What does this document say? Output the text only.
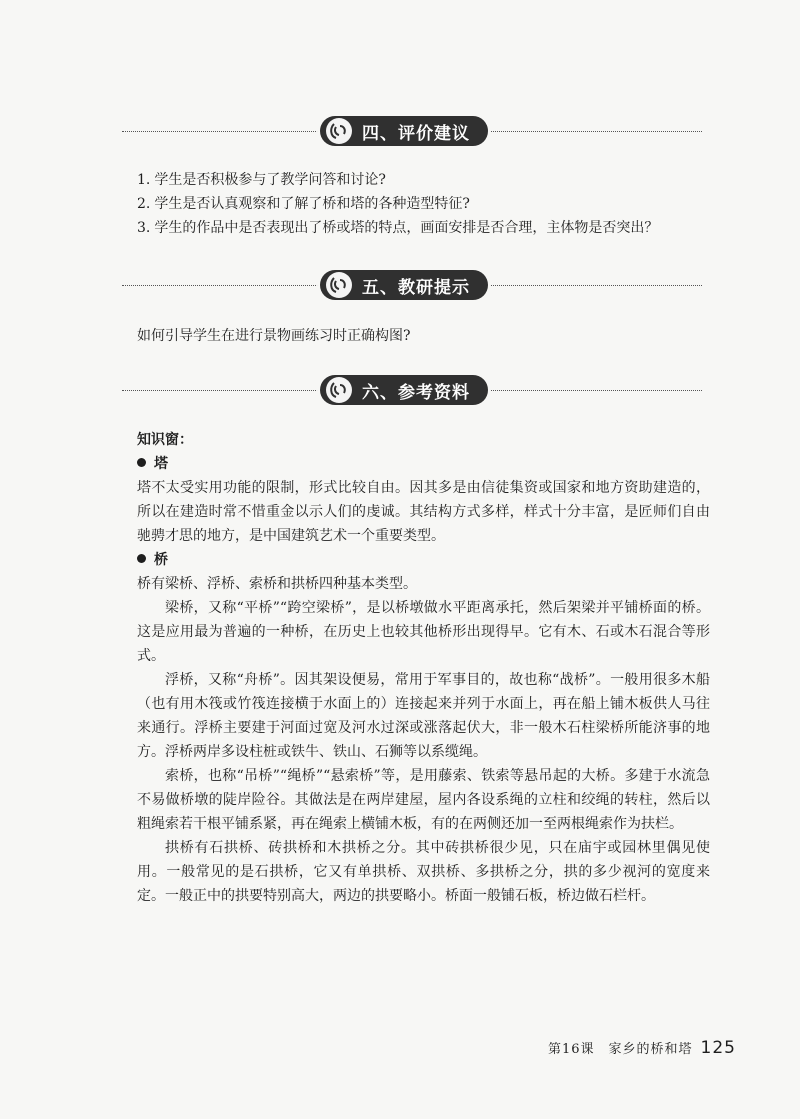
四、评价建议
1. 学生是否积极参与了教学问答和讨论?
2. 学生是否认真观察和了解了桥和塔的各种造型特征?
3. 学生的作品中是否表现出了桥或塔的特点，画面安排是否合理，主体物是否突出？
五、教研提示
如何引导学生在进行景物画练习时正确构图?
六、参考资料

知识窗：

塔

塔不太受实用功能的限制，形式比较自由。因其多是由信徒集资或国家和地方资助建造的，所以在建造时常不惜重金以示人们的虔诚。其结构方式多样，样式十分丰富，是匠师们自由驰骋才思的地方，是中国建筑艺术一个重要类型。

桥

桥有梁桥、浮桥、索桥和拱桥四种基本类型。

梁桥，又称“平桥”“跨空梁桥”，是以桥墩做水平距离承托，然后架梁并平铺桥面的桥。这是应用最为普遍的一种桥，在历史上也较其他桥形出现得早。它有木、石或木石混合等形式。

浮桥，又称“舟桥”。因其架设便易，常用于军事目的，故也称“战桥”。一般用很多木船（也有用木筏或竹筏连接横于水面上的）连接起来并列于水面上，再在船上铺木板供人马往来通行。浮桥主要建于河面过宽及河水过深或涨落起伏大，非一般木石柱梁桥所能济事的地方。浮桥两岸多设柱桩或铁牛、铁山、石狮等以系缆绳。

索桥，也称“吊桥”“绳桥”“悬索桥”等，是用藤索、铁索等悬吊起的大桥。多建于水流急不易做桥墩的陡岸险谷。其做法是在两岸建屋，屋内各设系绳的立柱和绞绳的转柱，然后以粗绳索若干根平铺系紧，再在绳索上横铺木板，有的在两侧还加一至两根绳索作为扶栏。

拱桥有石拱桥、砖拱桥和木拱桥之分。其中砖拱桥很少见，只在庙宇或园林里偶见使用。一般常见的是石拱桥，它又有单拱桥、双拱桥、多拱桥之分，拱的多少视河的宽度来定。一般正中的拱要特别高大，两边的拱要略小。桥面一般铺石板，桥边做石栏杆。

第16课　家乡的桥和塔 125
